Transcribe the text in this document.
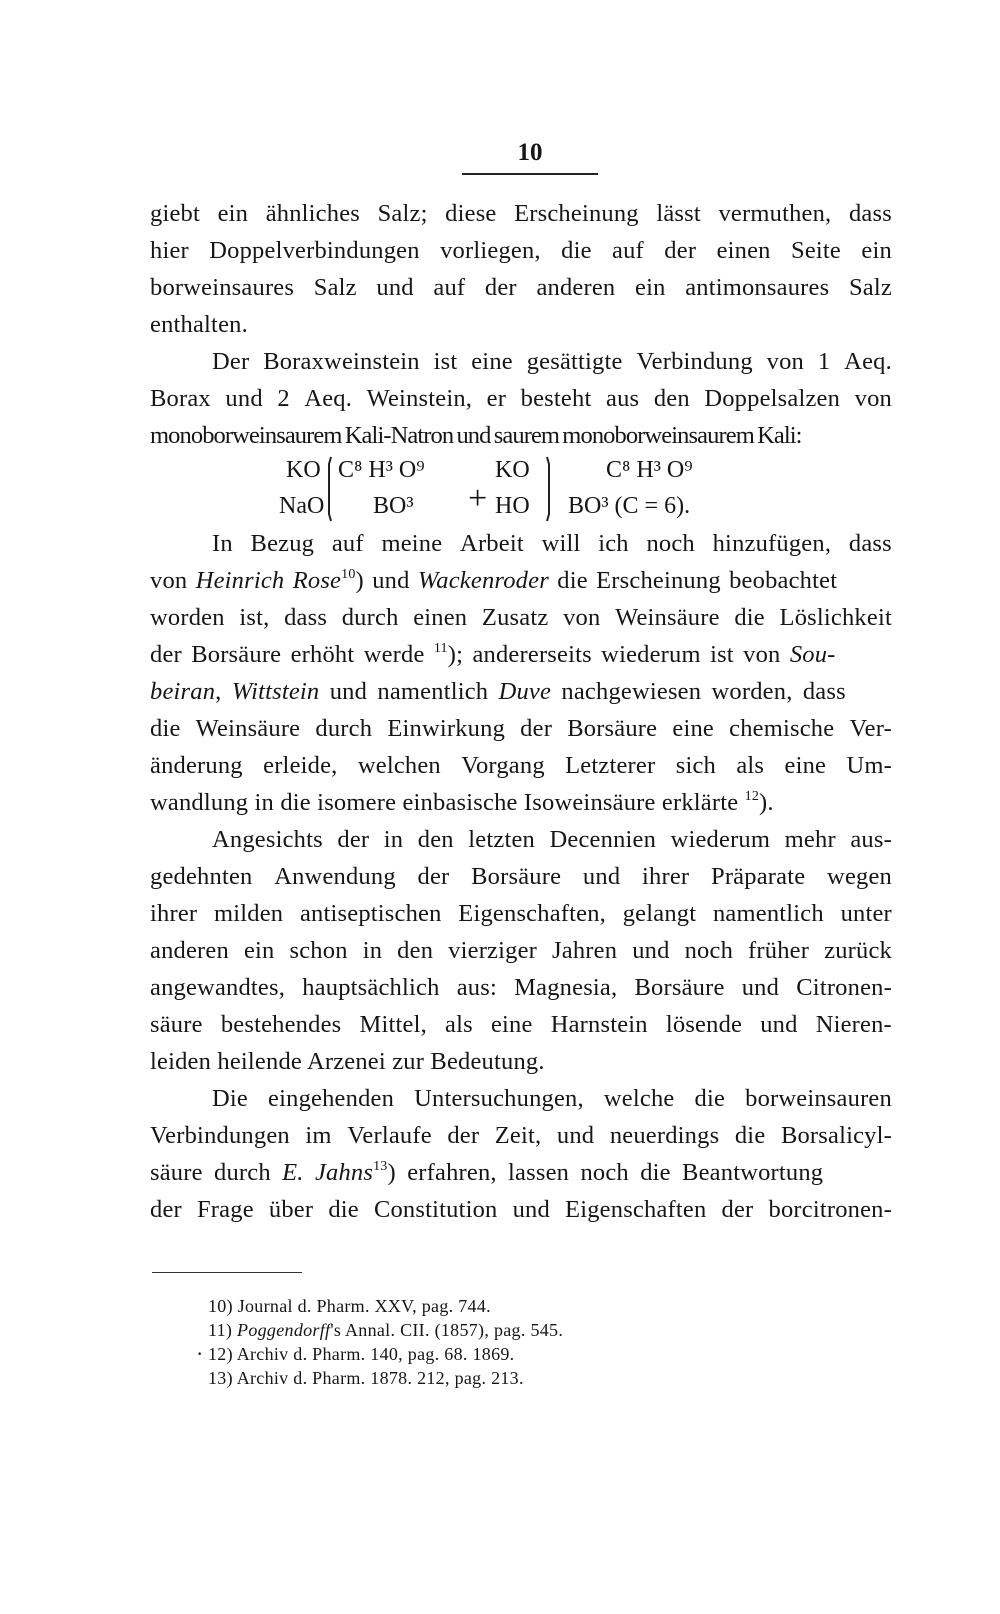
10
giebt ein ähnliches Salz; diese Erscheinung lässt vermuthen, dass
hier Doppelverbindungen vorliegen, die auf der einen Seite ein
borweinsaures Salz und auf der anderen ein antimonsaures Salz
enthalten.
Der Boraxweinstein ist eine gesättigte Verbindung von 1 Aeq.
Borax und 2 Aeq. Weinstein, er besteht aus den Doppelsalzen von
monoborweinsaurem Kali-Natron und saurem monoborweinsaurem Kali:
KO
NaO
C⁸ H³ O⁹
BO³ +
KO
HO
C⁸ H³ O⁹
BO³ (C = 6).
In Bezug auf meine Arbeit will ich noch hinzufügen, dass
von Heinrich Rose$^{10}$) und Wackenroder die Erscheinung beobachtet
worden ist, dass durch einen Zusatz von Weinsäure die Löslichkeit
der Borsäure erhöht werde $^{11}$); andererseits wiederum ist von Sou-
beiran, Wittstein und namentlich Duve nachgewiesen worden, dass
die Weinsäure durch Einwirkung der Borsäure eine chemische Ver-
änderung erleide, welchen Vorgang Letzterer sich als eine Um-
wandlung in die isomere einbasische Isoweinsäure erklärte $^{12}$).
Angesichts der in den letzten Decennien wiederum mehr aus-
gedehnten Anwendung der Borsäure und ihrer Präparate wegen
ihrer milden antiseptischen Eigenschaften, gelangt namentlich unter
anderen ein schon in den vierziger Jahren und noch früher zurück
angewandtes, hauptsächlich aus: Magnesia, Borsäure und Citronen-
säure bestehendes Mittel, als eine Harnstein lösende und Nieren-
leiden heilende Arzenei zur Bedeutung.
Die eingehenden Untersuchungen, welche die borweinsauren
Verbindungen im Verlaufe der Zeit, und neuerdings die Borsalicyl-
säure durch E. Jahns$^{13}$) erfahren, lassen noch die Beantwortung
der Frage über die Constitution und Eigenschaften der borcitronen-
10) Journal d. Pharm. XXV, pag. 744.
11) Poggendorff's Annal. CII. (1857), pag. 545.
· 12) Archiv d. Pharm. 140, pag. 68. 1869.
13) Archiv d. Pharm. 1878. 212, pag. 213.
